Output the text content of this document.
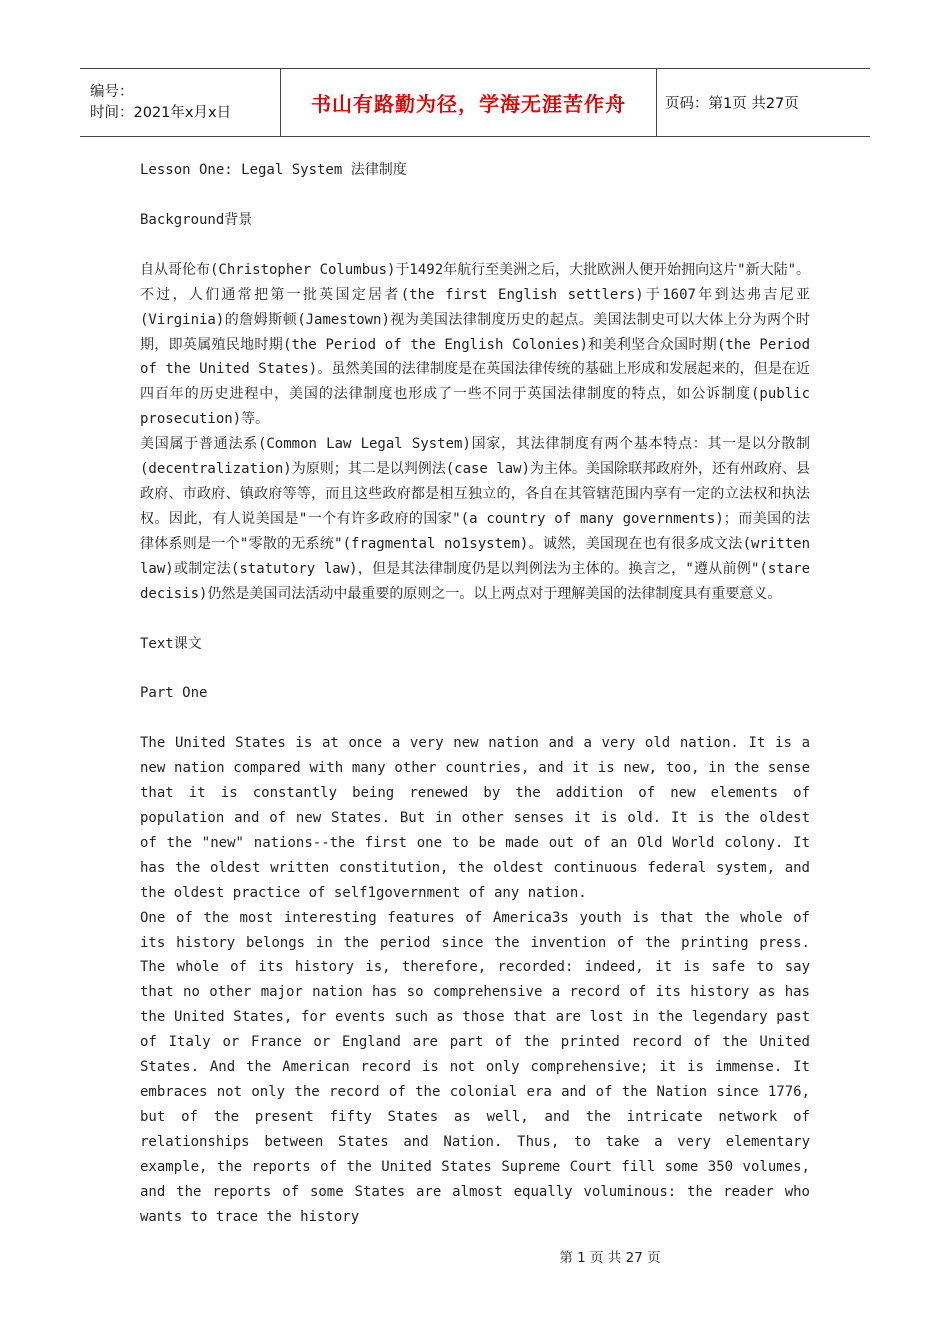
编号：
时间：2021年x月x日	书山有路勤为径，学海无涯苦作舟	页码：第1页 共27页

Lesson One: Legal System 法律制度

Background背景

自从哥伦布(Christopher Columbus)于1492年航行至美洲之后，大批欧洲人便开始拥向这片"新大陆"。不过，人们通常把第一批英国定居者(the first English settlers)于1607年到达弗吉尼亚(Virginia)的詹姆斯顿(Jamestown)视为美国法律制度历史的起点。美国法制史可以大体上分为两个时期，即英属殖民地时期(the Period of the English Colonies)和美利坚合众国时期(the Period of the United States)。虽然美国的法律制度是在英国法律传统的基础上形成和发展起来的，但是在近四百年的历史进程中，美国的法律制度也形成了一些不同于英国法律制度的特点，如公诉制度(public prosecution)等。

美国属于普通法系(Common Law Legal System)国家，其法律制度有两个基本特点：其一是以分散制(decentralization)为原则；其二是以判例法(case law)为主体。美国除联邦政府外，还有州政府、县政府、市政府、镇政府等等，而且这些政府都是相互独立的，各自在其管辖范围内享有一定的立法权和执法权。因此，有人说美国是"一个有许多政府的国家"(a country of many governments)；而美国的法律体系则是一个"零散的无系统"(fragmental no1system)。诚然，美国现在也有很多成文法(written law)或制定法(statutory law)，但是其法律制度仍是以判例法为主体的。换言之，"遵从前例"(stare decisis)仍然是美国司法活动中最重要的原则之一。以上两点对于理解美国的法律制度具有重要意义。

Text课文

Part One

The United States is at once a very new nation and a very old nation. It is a new nation compared with many other countries, and it is new, too, in the sense that it is constantly being renewed by the addition of new elements of population and of new States. But in other senses it is old. It is the oldest of the "new" nations--the first one to be made out of an Old World colony. It has the oldest written constitution, the oldest continuous federal system, and the oldest practice of self1government of any nation.

One of the most interesting features of America3s youth is that the whole of its history belongs in the period since the invention of the printing press. The whole of its history is, therefore, recorded: indeed, it is safe to say that no other major nation has so comprehensive a record of its history as has the United States, for events such as those that are lost in the legendary past of Italy or France or England are part of the printed record of the United States. And the American record is not only comprehensive; it is immense. It embraces not only the record of the colonial era and of the Nation since 1776, but of the present fifty States as well, and the intricate network of relationships between States and Nation. Thus, to take a very elementary example, the reports of the United States Supreme Court fill some 350 volumes, and the reports of some States are almost equally voluminous: the reader who wants to trace the history

第 1 页 共 27 页
